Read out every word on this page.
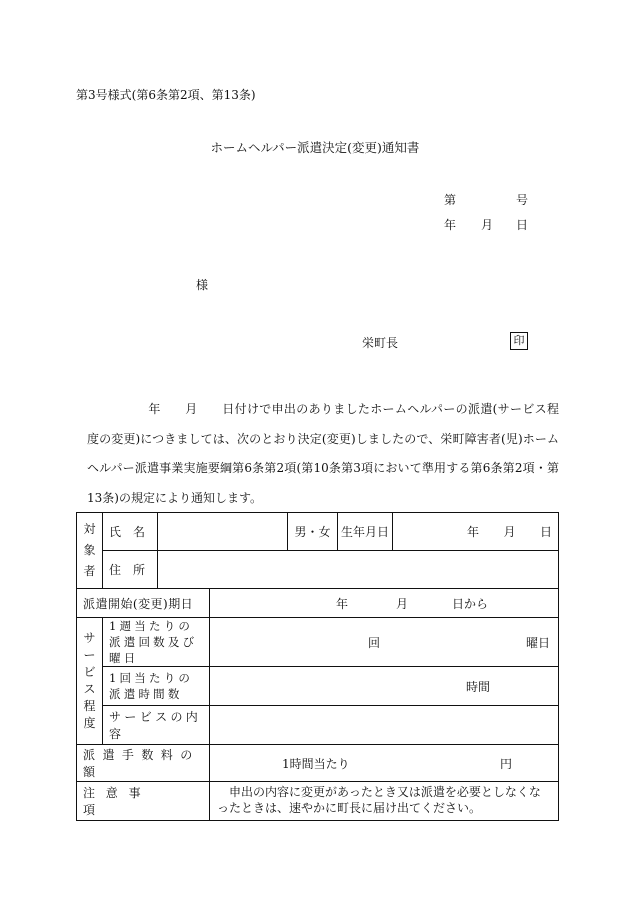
第3号様式(第6条第2項、第13条)
ホームヘルパー派遣決定(変更)通知書
第	号
年 月 日
様
栄町長	印
年　　月　　日付けで申出のありましたホームヘルパーの派遣(サービス程度の変更)につきましては、次のとおり決定(変更)しましたので、栄町障害者(児)ホームヘルパー派遣事業実施要綱第6条第2項(第10条第3項において準用する第6条第2項・第13条)の規定により通知します。
対象者	氏　名			男・女	生年月日	年 月 日

	住　所					
派遣開始(変更)期日			年 月 日から			

サービス程度	1週当たりの派遣回数及び曜日		回 曜日			

	1回当たりの派遣時間数		時間			

	サービスの内容					
派遣手数料の額			1時間当たり 円			

注意事項			申出の内容に変更があったとき又は派遣を必要としなくなったときは、速やかに町長に届け出てください。			
